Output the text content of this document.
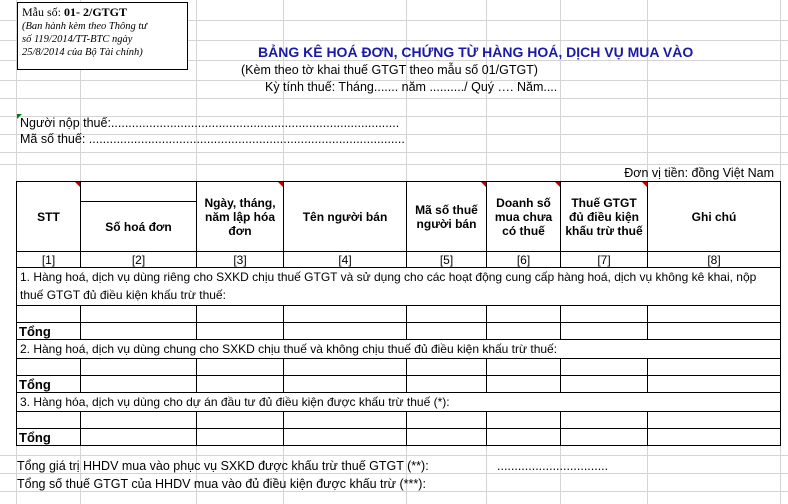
Mẫu số: 01- 2/GTGT
(Ban hành kèm theo Thông tư
số 119/2014/TT-BTC ngày
25/8/2014 của Bộ Tài chính)	BẢNG KÊ HOÁ ĐƠN, CHỨNG TỪ HÀNG HOÁ, DỊCH VỤ MUA VÀO
(Kèm theo tờ khai thuế GTGT theo mẫu số 01/GTGT)
Kỳ tính thuế: Tháng....... năm ........../ Quý …. Năm....
Người nộp thuế:...................................................................................
Mã số thuế: ...........................................................................................
Đơn vị tiền: đồng Việt Nam
STT		Ngày, tháng, năm lập hóa đơn	Tên người bán	Mã số thuế người bán	Doanh số mua chưa có thuế	Thuế GTGT đủ điều kiện khấu trừ thuế	Ghi chú
	Số hoá đơn						
[1]	[2]	[3]	[4]	[5]	[6]	[7]	[8]
1. Hàng hoá, dịch vụ dùng riêng cho SXKD chịu thuế GTGT và sử dụng cho các hoạt động cung cấp hàng hoá, dịch vụ không kê khai, nộp thuế GTGT đủ điều kiện khấu trừ thuế:							

Tổng							
2. Hàng hoá, dịch vụ dùng chung cho SXKD chịu thuế và không chịu thuế đủ điều kiện khấu trừ thuế:							

Tổng							
3. Hàng hóa, dịch vụ dùng cho dự án đầu tư đủ điều kiện được khấu trừ thuế (*):							

Tổng							
Tổng giá trị HHDV mua vào phục vụ SXKD được khấu trừ thuế GTGT (**):	................................
Tổng số thuế GTGT của HHDV mua vào đủ điều kiện được khấu trừ (***):
